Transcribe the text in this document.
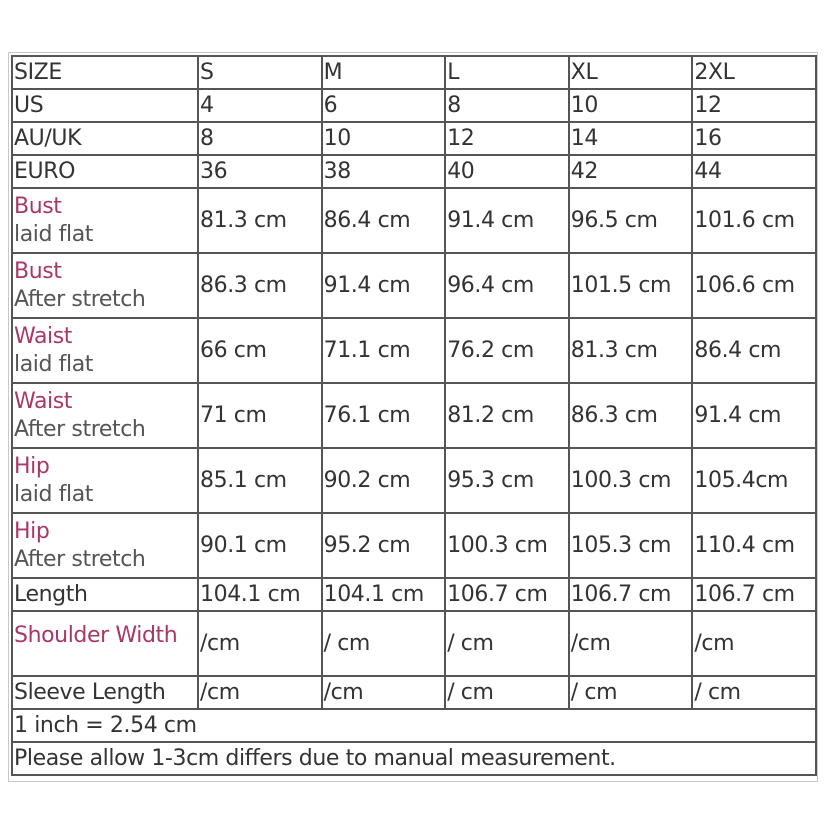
SIZE	S	M	L	XL	2XL
US	4	6	8	10	12
AU/UK	8	10	12	14	16
EURO	36	38	40	42	44

Bust
laid flat	81.3 cm	86.4 cm	91.4 cm	96.5 cm	101.6 cm

Bust
After stretch	86.3 cm	91.4 cm	96.4 cm	101.5 cm	106.6 cm

Waist
laid flat	66 cm	71.1 cm	76.2 cm	81.3 cm	86.4 cm

Waist
After stretch	71 cm	76.1 cm	81.2 cm	86.3 cm	91.4 cm

Hip
laid flat	85.1 cm	90.2 cm	95.3 cm	100.3 cm	105.4cm

Hip
After stretch	90.1 cm	95.2 cm	100.3 cm	105.3 cm	110.4 cm
Length	104.1 cm	104.1 cm	106.7 cm	106.7 cm	106.7 cm

Shoulder Width	/cm	/ cm	/ cm	/cm	/cm
Sleeve Length	/cm	/cm	/ cm	/ cm	/ cm
1 inch = 2.54 cm					
Please allow 1-3cm differs due to manual measurement.					
